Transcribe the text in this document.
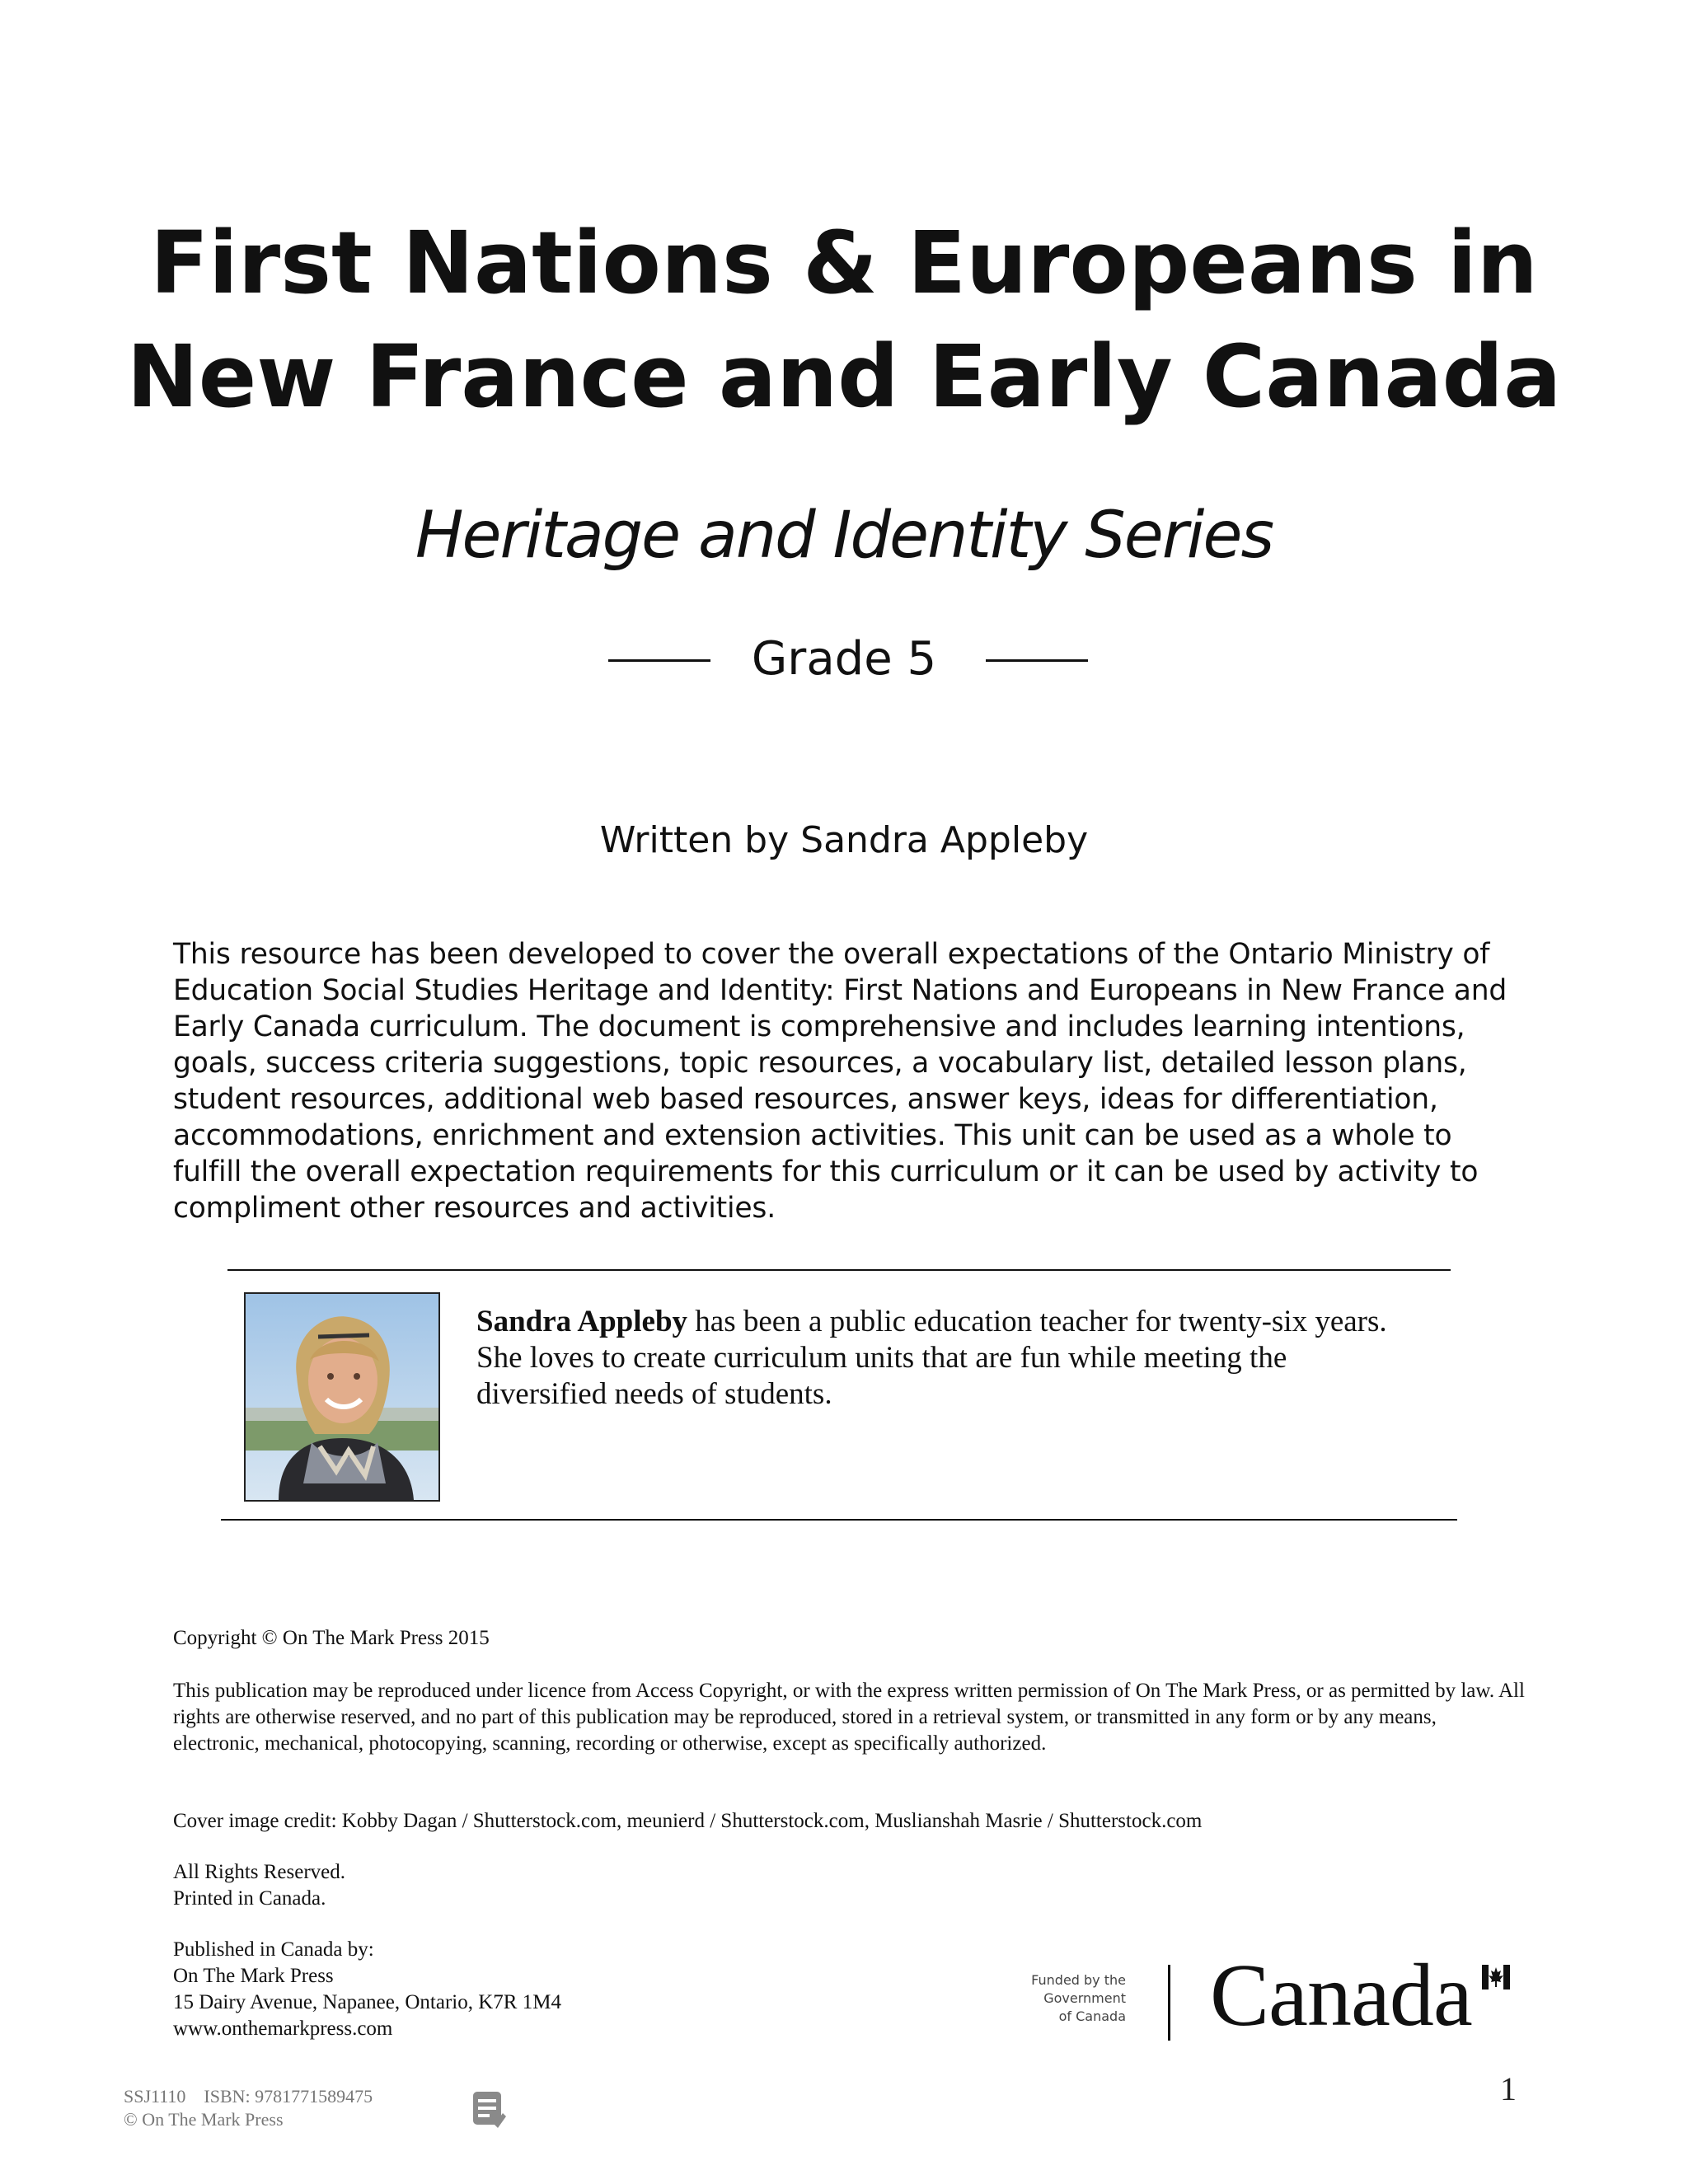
First Nations & Europeans in
New France and Early Canada
Heritage and Identity Series
Grade 5
Written by Sandra Appleby
This resource has been developed to cover the overall expectations of the Ontario Ministry of Education Social Studies Heritage and Identity: First Nations and Europeans in New France and Early Canada curriculum. The document is comprehensive and includes learning intentions, goals, success criteria suggestions, topic resources, a vocabulary list, detailed lesson plans, student resources, additional web based resources, answer keys, ideas for differentiation, accommodations, enrichment and extension activities. This unit can be used as a whole to fulfill the overall expectation requirements for this curriculum or it can be used by activity to compliment other resources and activities.
Sandra Appleby has been a public education teacher for twenty-six years. She loves to create curriculum units that are fun while meeting the diversified needs of students.
Copyright © On The Mark Press 2015
This publication may be reproduced under licence from Access Copyright, or with the express written permission of On The Mark Press, or as permitted by law. All rights are otherwise reserved, and no part of this publication may be reproduced, stored in a retrieval system, or transmitted in any form or by any means, electronic, mechanical, photocopying, scanning, recording or otherwise, except as specifically authorized.
Cover image credit: Kobby Dagan / Shutterstock.com, meunierd / Shutterstock.com, Muslianshah Masrie / Shutterstock.com
All Rights Reserved.
Printed in Canada.
Published in Canada by:
On The Mark Press
15 Dairy Avenue, Napanee, Ontario, K7R 1M4
www.onthemarkpress.com
Funded by the
Government
of Canada Canada
SSJ1110 ISBN: 9781771589475
© On The Mark Press
1
